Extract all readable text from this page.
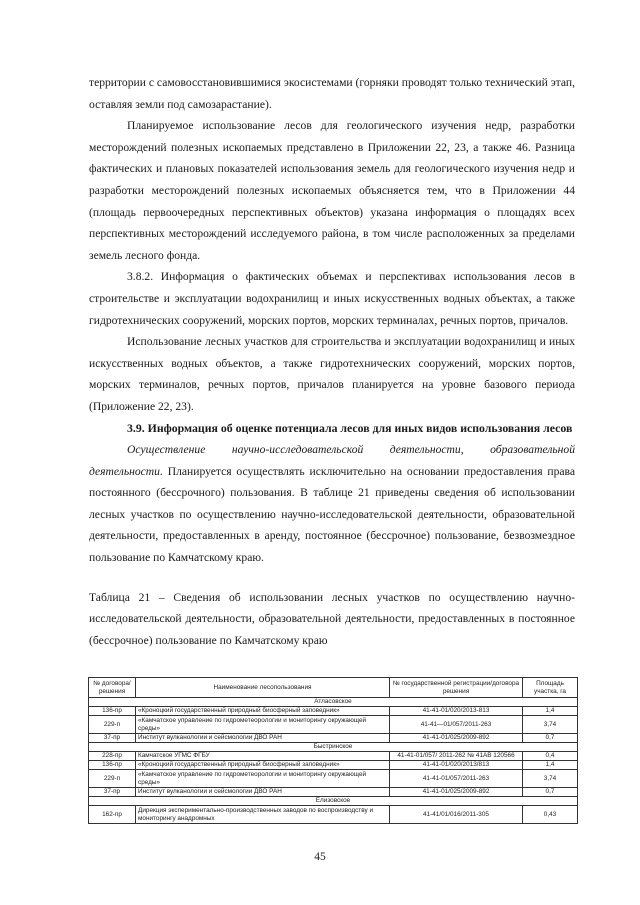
территории с самовосстановившимися экосистемами (горняки проводят только технический этап, оставляя земли под самозарастание).

Планируемое использование лесов для геологического изучения недр, разработки месторождений полезных ископаемых представлено в Приложении 22, 23, а также 46. Разница фактических и плановых показателей использования земель для геологического изучения недр и разработки месторождений полезных ископаемых объясняется тем, что в Приложении 44 (площадь первоочередных перспективных объектов) указана информация о площадях всех перспективных месторождений исследуемого района, в том числе расположенных за пределами земель лесного фонда.

3.8.2. Информация о фактических объемах и перспективах использования лесов в строительстве и эксплуатации водохранилищ и иных искусственных водных объектах, а также гидротехнических сооружений, морских портов, морских терминалах, речных портов, причалов.

Использование лесных участков для строительства и эксплуатации водохранилищ и иных искусственных водных объектов, а также гидротехнических сооружений, морских портов, морских терминалов, речных портов, причалов планируется на уровне базового периода (Приложение 22, 23).

3.9. Информация об оценке потенциала лесов для иных видов использования лесов

Осуществление научно-исследовательской деятельности, образовательной деятельности. Планируется осуществлять исключительно на основании предоставления права постоянного (бессрочного) пользования. В таблице 21 приведены сведения об использовании лесных участков по осуществлению научно-исследовательской деятельности, образовательной деятельности, предоставленных в аренду, постоянное (бессрочное) пользование, безвозмездное пользование по Камчатскому краю.

Таблица 21 – Сведения об использовании лесных участков по осуществлению научно-исследовательской деятельности, образовательной деятельности, предоставленных в постоянное (бессрочное) пользование по Камчатскому краю

№ договора/ решения	Наименование лесопользования	№ государственной регистрации/договора решения	Площадь участка, га
Атласовское			
136-пр	«Кроноцкий государственный природный биосферный заповедник»	41-41-01/020/2013-813	1,4
229-п	«Камчатское управление по гидрометеорологии и мониторингу окружающей среды»	41-41—01/057/2011-263	3,74
37-пр	Институт вулканологии и сейсмологии ДВО РАН	41-41-01/025/2009-892	0,7
Быстринское			
228-пр	Камчатское УГМС ФГБУ	41-41-01/057/ 2011-262 № 41АВ 120566	0,4
136-пр	«Кроноцкий государственный природный биосферный заповедник»	41-41-01/020/2013/813	1,4
229-п	«Камчатское управление по гидрометеорологии и мониторингу окружающей среды»	41-41-01/057/2011-263	3,74
37-пр	Институт вулканологии и сейсмологии ДВО РАН	41-41-01/025/2009-892	0,7
Елизовское			
162-пр	Дирекция экспериментально-производственных заводов по воспроизводству и мониторингу анадромных	41-41/01/016/2011-305	0,43
45
